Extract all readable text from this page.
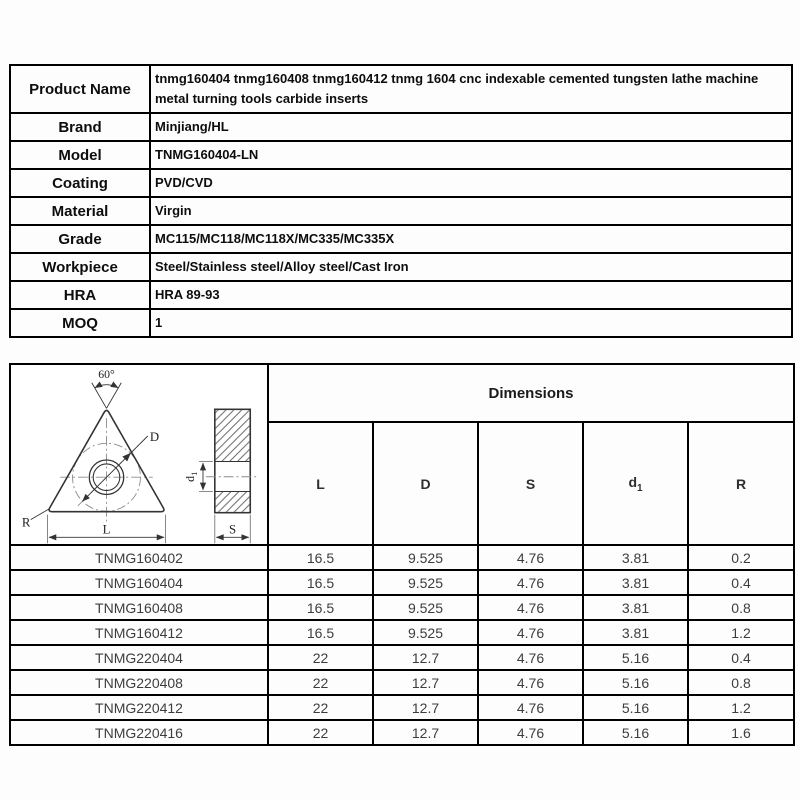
Product Name	tnmg160404 tnmg160408 tnmg160412 tnmg 1604 cnc indexable cemented tungsten lathe machine metal turning tools carbide inserts
Brand	Minjiang/HL
Model	TNMG160404-LN
Coating	PVD/CVD
Material	Virgin
Grade	MC115/MC118/MC118X/MC335/MC335X
Workpiece	Steel/Stainless steel/Alloy steel/Cast Iron
HRA	HRA 89-93
MOQ	1
60°
D
R	L
$d_1$
S
	Dimensions
	L	D	S	$d_1$	R
TNMG160402	16.5	9.525	4.76	3.81	0.2
TNMG160404	16.5	9.525	4.76	3.81	0.4
TNMG160408	16.5	9.525	4.76	3.81	0.8
TNMG160412	16.5	9.525	4.76	3.81	1.2
TNMG220404	22	12.7	4.76	5.16	0.4
TNMG220408	22	12.7	4.76	5.16	0.8
TNMG220412	22	12.7	4.76	5.16	1.2
TNMG220416	22	12.7	4.76	5.16	1.6
